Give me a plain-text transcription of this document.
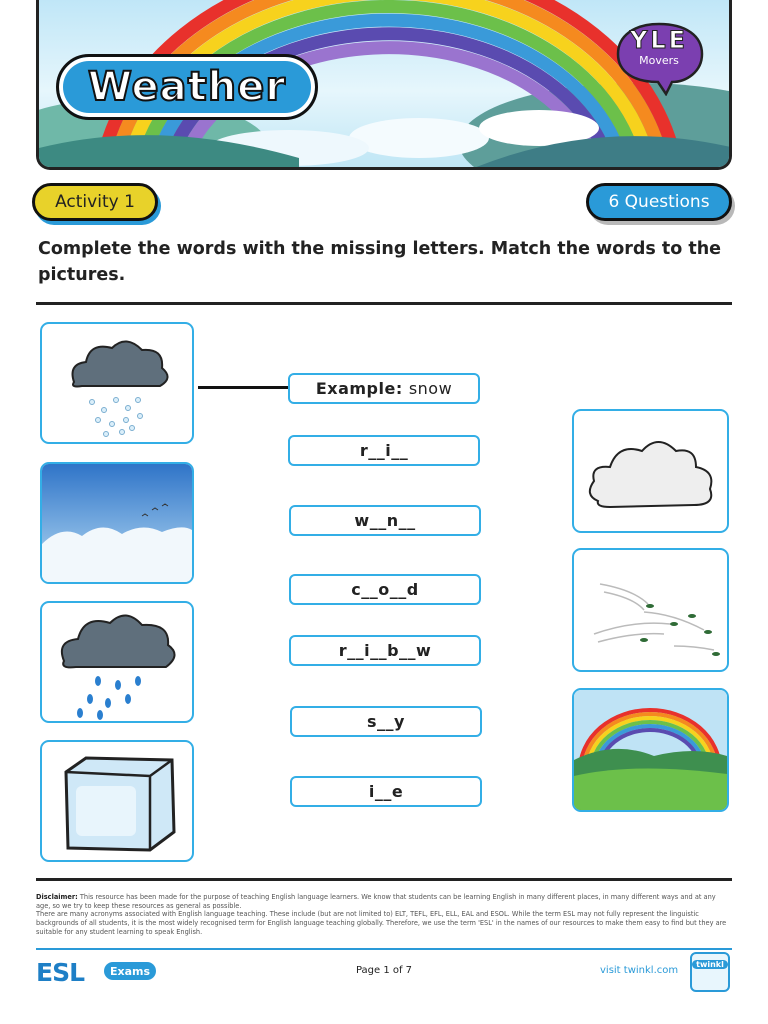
Weather
YLE
Movers
Activity 1	6 Questions
Complete the words with the missing letters. Match the words to the pictures.
Example:
snow
r__i__
w__n__
c__o__d
r__i__b__w
s__y
i__e
Disclaimer: This resource has been made for the purpose of teaching English language learners. We know that students can be learning English in many different places, in many different ways and at any age, so we try to keep these resources as general as possible.
There are many acronyms associated with English language teaching. These include (but are not limited to) ELT, TEFL, EFL, ELL, EAL and ESOL. While the term ESL may not fully represent the linguistic backgrounds of all students, it is the most widely recognised term for English language teaching globally. Therefore, we use the term 'ESL' in the names of our resources to make them easy to find but they are suitable for any student learning to speak English.
ESL	Exams	Page 1 of 7	visit twinkl.com
twinkl
